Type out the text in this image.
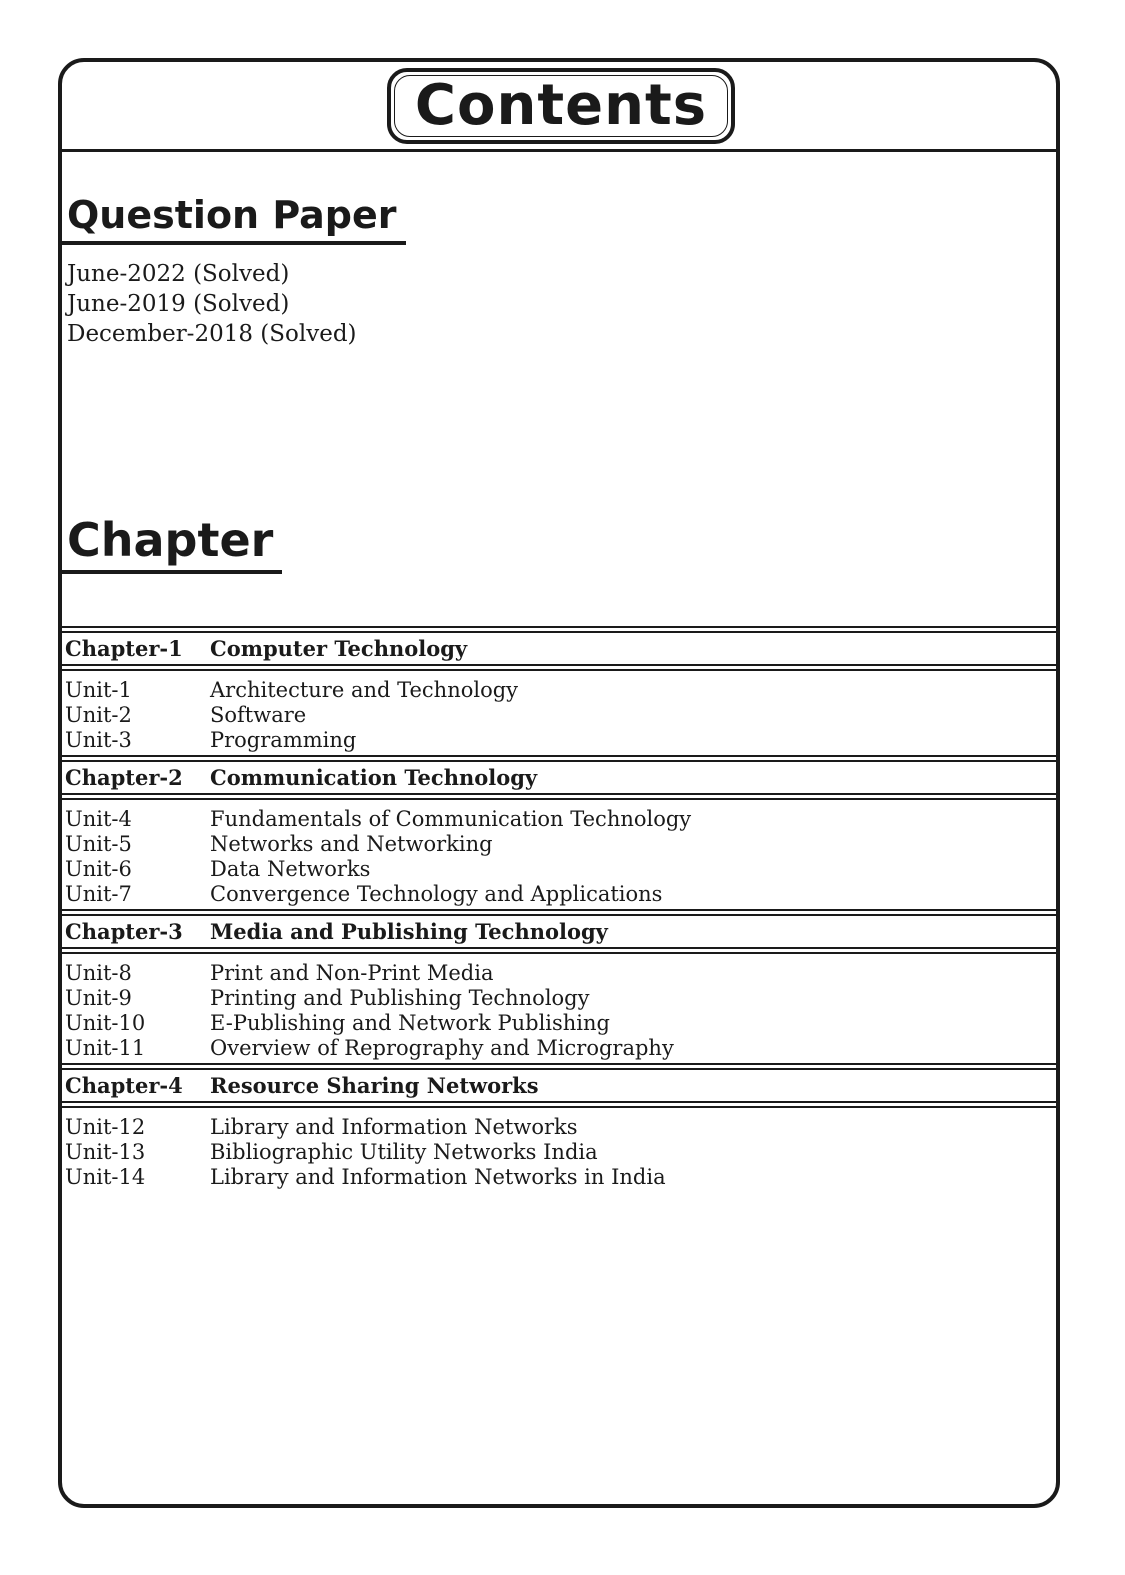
Contents
Question Paper
June-2022 (Solved)
June-2019 (Solved)
December-2018 (Solved)
Chapter
Chapter-1	Computer Technology
Unit-1	Architecture and Technology
Unit-2	Software
Unit-3	Programming
Chapter-2	Communication Technology
Unit-4	Fundamentals of Communication Technology
Unit-5	Networks and Networking
Unit-6	Data Networks
Unit-7	Convergence Technology and Applications
Chapter-3	Media and Publishing Technology
Unit-8	Print and Non-Print Media
Unit-9	Printing and Publishing Technology
Unit-10	E-Publishing and Network Publishing
Unit-11	Overview of Reprography and Micrography
Chapter-4	Resource Sharing Networks
Unit-12	Library and Information Networks
Unit-13	Bibliographic Utility Networks India
Unit-14	Library and Information Networks in India
